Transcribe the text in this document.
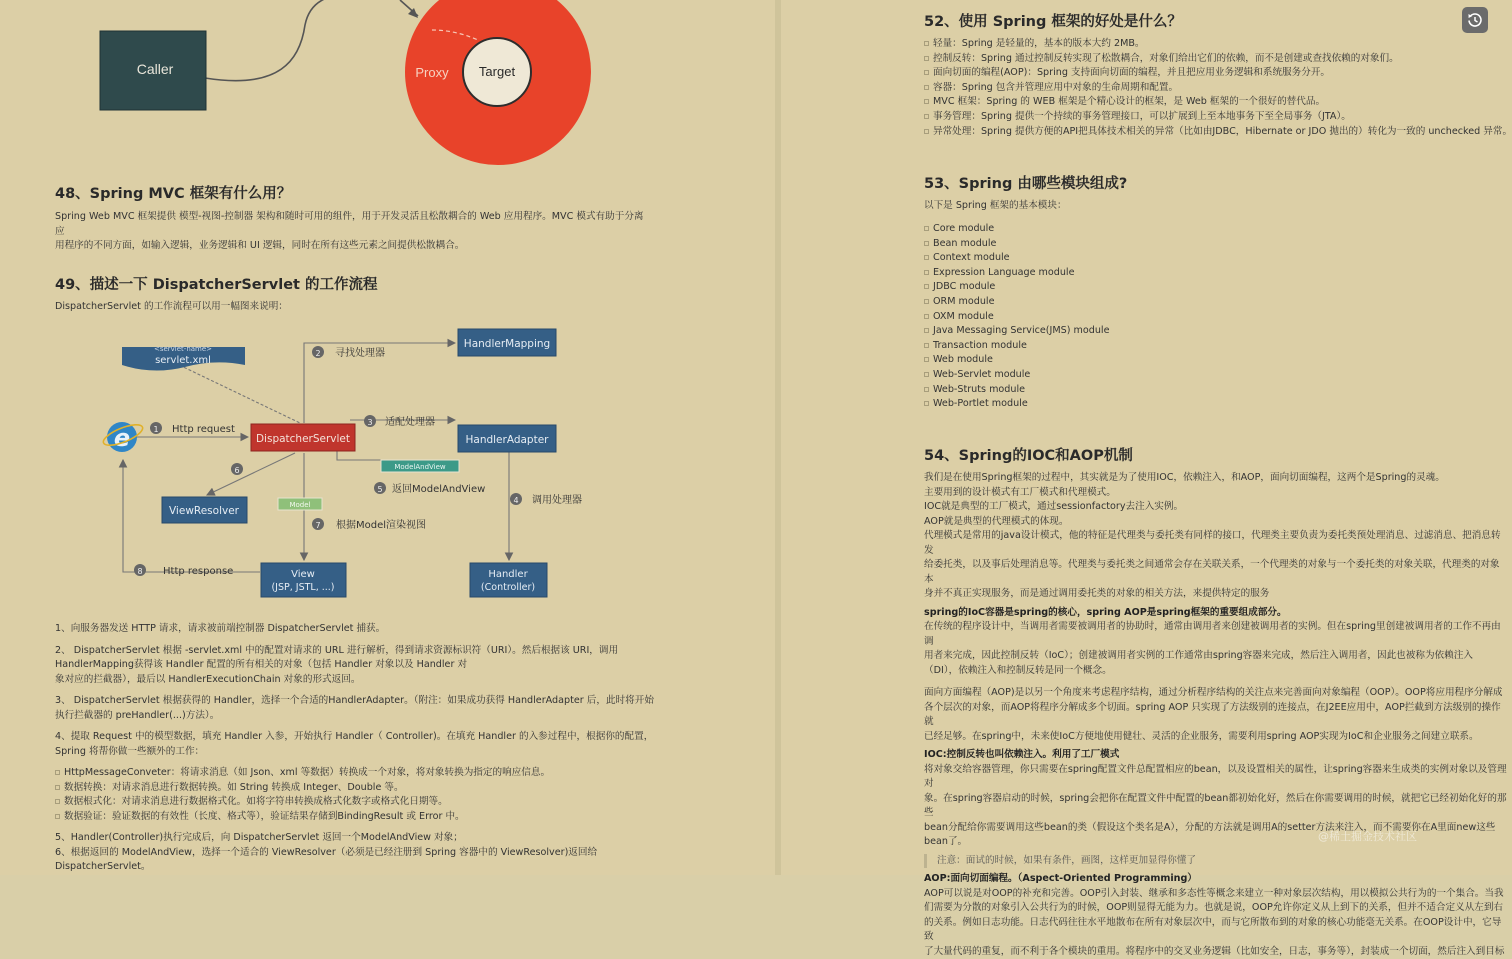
Caller	Proxy Target
48、Spring MVC 框架有什么用？
Spring Web MVC 框架提供 模型-视图-控制器 架构和随时可用的组件，用于开发灵活且松散耦合的 Web 应用程序。MVC 模式有助于分离应
用程序的不同方面，如输入逻辑，业务逻辑和 UI 逻辑，同时在所有这些元素之间提供松散耦合。
49、描述一下 DispatcherServlet 的工作流程
DispatcherServlet 的工作流程可以用一幅图来说明：
<servlet-name>
servlet.xml
HandlerMapping
DispatcherServlet	HandlerAdapter
ViewResolver
View
(JSP, JSTL, ...)
Handler
(Controller)
ModelAndView
Model
e	1 Http request
2 寻找处理器
3 适配处理器
4 调用处理器
5 返回ModelAndView
6
7 根据Model渲染视图
8 Http response
1、向服务器发送 HTTP 请求，请求被前端控制器 DispatcherServlet 捕获。
2、 DispatcherServlet 根据 -servlet.xml 中的配置对请求的 URL 进行解析，得到请求资源标识符（URI）。然后根据该 URI，调用
HandlerMapping获得该 Handler 配置的所有相关的对象（包括 Handler 对象以及 Handler 对
象对应的拦截器），最后以 HandlerExecutionChain 对象的形式返回。
3、 DispatcherServlet 根据获得的 Handler，选择一个合适的HandlerAdapter。（附注：如果成功获得 HandlerAdapter 后，此时将开始
执行拦截器的 preHandler(...)方法）。
4、提取 Request 中的模型数据，填充 Handler 入参，开始执行 Handler（ Controller)。在填充 Handler 的入参过程中，根据你的配置，
Spring 将帮你做一些额外的工作：
HttpMessageConveter：将请求消息（如 Json、xml 等数据）转换成一个对象，将对象转换为指定的响应信息。
数据转换：对请求消息进行数据转换。如 String 转换成 Integer、Double 等。
数据根式化：对请求消息进行数据格式化。如将字符串转换成格式化数字或格式化日期等。
数据验证：验证数据的有效性（长度、格式等），验证结果存储到BindingResult 或 Error 中。
5、Handler(Controller)执行完成后，向 DispatcherServlet 返回一个ModelAndView 对象；
6、根据返回的 ModelAndView，选择一个适合的 ViewResolver（必须是已经注册到 Spring 容器中的 ViewResolver)返回给
DispatcherServlet。
52、使用 Spring 框架的好处是什么？
轻量：Spring 是轻量的，基本的版本大约 2MB。
控制反转：Spring 通过控制反转实现了松散耦合，对象们给出它们的依赖，而不是创建或查找依赖的对象们。
面向切面的编程(AOP)：Spring 支持面向切面的编程，并且把应用业务逻辑和系统服务分开。
容器：Spring 包含并管理应用中对象的生命周期和配置。
MVC 框架：Spring 的 WEB 框架是个精心设计的框架，是 Web 框架的一个很好的替代品。
事务管理：Spring 提供一个持续的事务管理接口，可以扩展到上至本地事务下至全局事务（JTA）。
异常处理：Spring 提供方便的API把具体技术相关的异常（比如由JDBC，Hibernate or JDO 抛出的）转化为一致的 unchecked 异常。
53、Spring 由哪些模块组成?
以下是 Spring 框架的基本模块：
Core module
Bean module
Context module
Expression Language module
JDBC module
ORM module
OXM module
Java Messaging Service(JMS) module
Transaction module
Web module
Web-Servlet module
Web-Struts module
Web-Portlet module
54、Spring的IOC和AOP机制
我们是在使用Spring框架的过程中，其实就是为了使用IOC，依赖注入，和AOP，面向切面编程，这两个是Spring的灵魂。
主要用到的设计模式有工厂模式和代理模式。
IOC就是典型的工厂模式，通过sessionfactory去注入实例。
AOP就是典型的代理模式的体现。
代理模式是常用的java设计模式，他的特征是代理类与委托类有同样的接口，代理类主要负责为委托类预处理消息、过滤消息、把消息转发
给委托类，以及事后处理消息等。代理类与委托类之间通常会存在关联关系，一个代理类的对象与一个委托类的对象关联，代理类的对象本
身并不真正实现服务，而是通过调用委托类的对象的相关方法，来提供特定的服务
spring的IoC容器是spring的核心，spring AOP是spring框架的重要组成部分。
在传统的程序设计中，当调用者需要被调用者的协助时，通常由调用者来创建被调用者的实例。但在spring里创建被调用者的工作不再由调
用者来完成，因此控制反转（IoC）；创建被调用者实例的工作通常由spring容器来完成，然后注入调用者，因此也被称为依赖注入
（DI），依赖注入和控制反转是同一个概念。
面向方面编程（AOP)是以另一个角度来考虑程序结构，通过分析程序结构的关注点来完善面向对象编程（OOP）。OOP将应用程序分解成
各个层次的对象，而AOP将程序分解成多个切面。spring AOP 只实现了方法级别的连接点，在J2EE应用中，AOP拦截到方法级别的操作就
已经足够。在spring中，未来使IoC方便地使用健壮、灵活的企业服务，需要利用spring AOP实现为IoC和企业服务之间建立联系。
IOC:控制反转也叫依赖注入。利用了工厂模式
将对象交给容器管理，你只需要在spring配置文件总配置相应的bean，以及设置相关的属性，让spring容器来生成类的实例对象以及管理对
象。在spring容器启动的时候，spring会把你在配置文件中配置的bean都初始化好，然后在你需要调用的时候，就把它已经初始化好的那些
bean分配给你需要调用这些bean的类（假设这个类名是A），分配的方法就是调用A的setter方法来注入，而不需要你在A里面new这些
bean了。
注意：面试的时候，如果有条件，画图，这样更加显得你懂了
AOP:面向切面编程。（Aspect-Oriented Programming）
AOP可以说是对OOP的补充和完善。OOP引入封装、继承和多态性等概念来建立一种对象层次结构，用以模拟公共行为的一个集合。当我
们需要为分散的对象引入公共行为的时候，OOP则显得无能为力。也就是说，OOP允许你定义从上到下的关系，但并不适合定义从左到右
的关系。例如日志功能。日志代码往往水平地散布在所有对象层次中，而与它所散布到的对象的核心功能毫无关系。在OOP设计中，它导致
了大量代码的重复，而不利于各个模块的重用。将程序中的交叉业务逻辑（比如安全，日志，事务等），封装成一个切面，然后注入到目标
@稀土掘金技术社区
